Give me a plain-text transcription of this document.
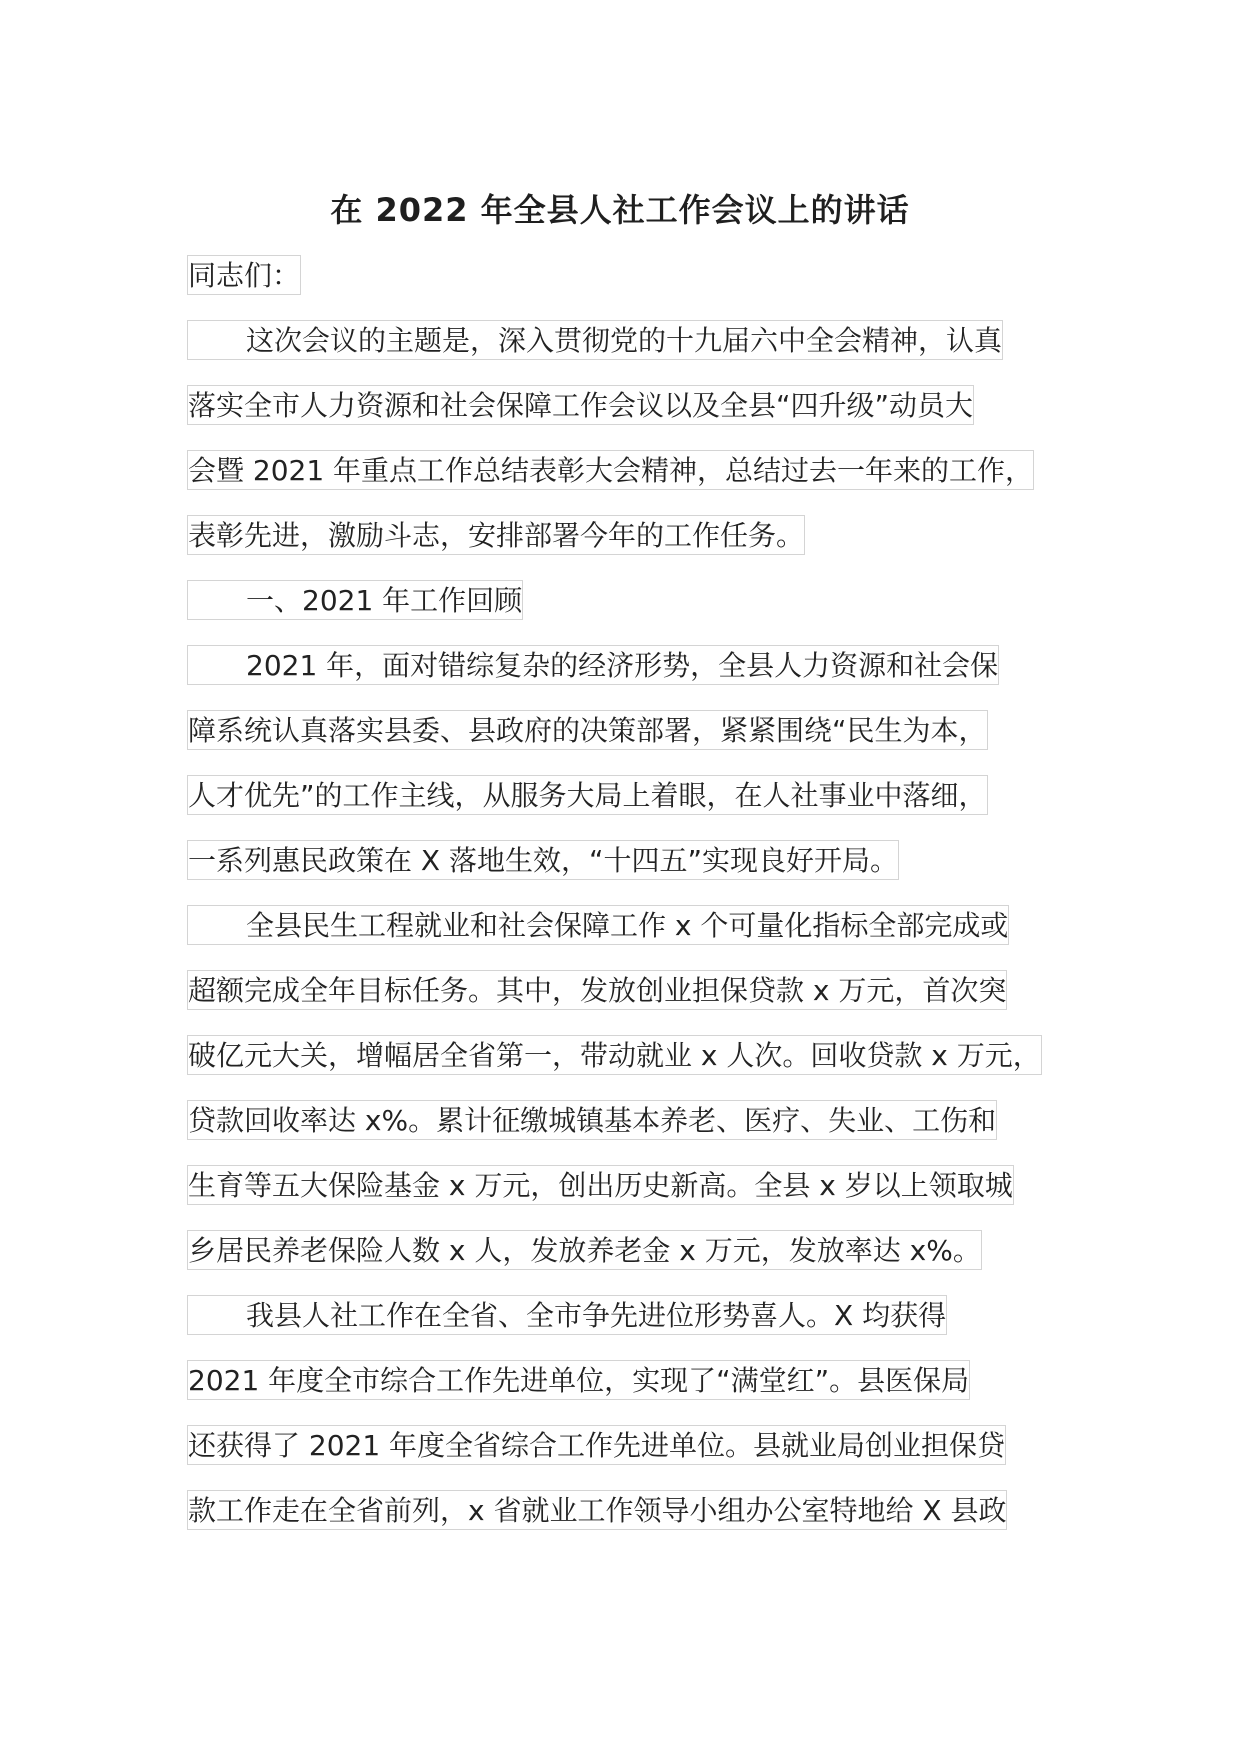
在 2022 年全县人社工作会议上的讲话
同志们：
这次会议的主题是，深入贯彻党的十九届六中全会精神，认真
落实全市人力资源和社会保障工作会议以及全县“四升级”动员大
会暨 2021 年重点工作总结表彰大会精神，总结过去一年来的工作，
表彰先进，激励斗志，安排部署今年的工作任务。
一、2021 年工作回顾
2021 年，面对错综复杂的经济形势，全县人力资源和社会保
障系统认真落实县委、县政府的决策部署，紧紧围绕“民生为本，
人才优先”的工作主线，从服务大局上着眼，在人社事业中落细，
一系列惠民政策在 X 落地生效，“十四五”实现良好开局。
全县民生工程就业和社会保障工作 x 个可量化指标全部完成或
超额完成全年目标任务。其中，发放创业担保贷款 x 万元，首次突
破亿元大关，增幅居全省第一，带动就业 x 人次。回收贷款 x 万元，
贷款回收率达 x%。累计征缴城镇基本养老、医疗、失业、工伤和
生育等五大保险基金 x 万元，创出历史新高。全县 x 岁以上领取城
乡居民养老保险人数 x 人，发放养老金 x 万元，发放率达 x%。
我县人社工作在全省、全市争先进位形势喜人。X 均获得
2021 年度全市综合工作先进单位，实现了“满堂红”。县医保局
还获得了 2021 年度全省综合工作先进单位。县就业局创业担保贷
款工作走在全省前列，x 省就业工作领导小组办公室特地给 X 县政
